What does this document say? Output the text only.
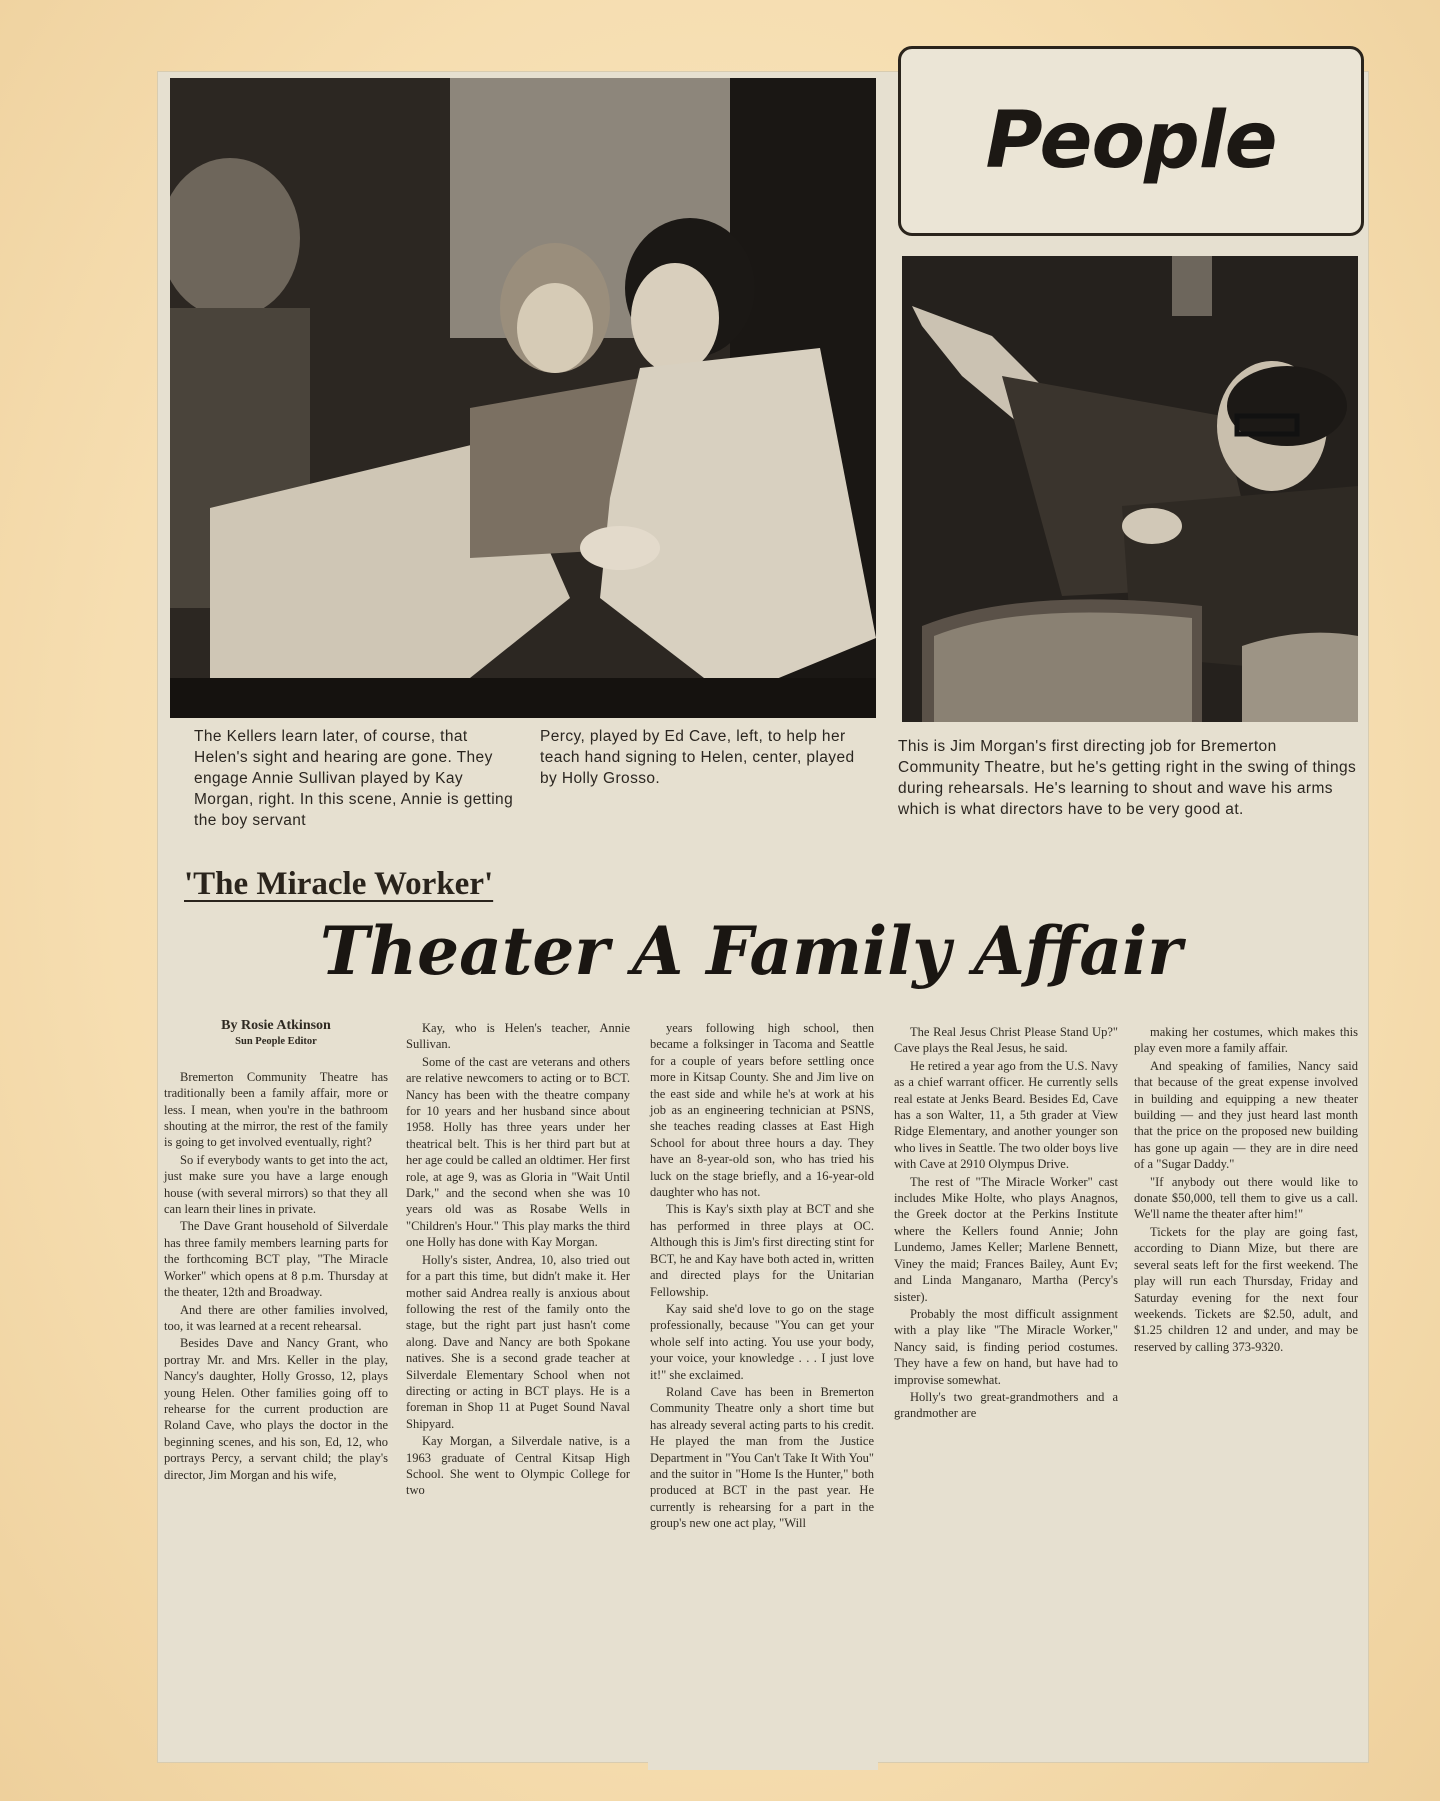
People
The Kellers learn later, of course, that Helen's sight and hearing are gone. They engage Annie Sullivan played by Kay Morgan, right. In this scene, Annie is getting the boy servant
Percy, played by Ed Cave, left, to help her teach hand signing to Helen, center, played by Holly Grosso.
This is Jim Morgan's first directing job for Bremerton Community Theatre, but he's getting right in the swing of things during rehearsals. He's learning to shout and wave his arms which is what directors have to be very good at.
'The Miracle Worker'
Theater A Family Affair
By Rosie Atkinson
Sun People Editor

Bremerton Community Theatre has traditionally been a family affair, more or less. I mean, when you're in the bathroom shouting at the mirror, the rest of the family is going to get involved eventually, right?

So if everybody wants to get into the act, just make sure you have a large enough house (with several mirrors) so that they all can learn their lines in private.

The Dave Grant household of Silverdale has three family members learning parts for the forthcoming BCT play, "The Miracle Worker" which opens at 8 p.m. Thursday at the theater, 12th and Broadway.

And there are other families involved, too, it was learned at a recent rehearsal.

Besides Dave and Nancy Grant, who portray Mr. and Mrs. Keller in the play, Nancy's daughter, Holly Grosso, 12, plays young Helen. Other families going off to rehearse for the current production are Roland Cave, who plays the doctor in the beginning scenes, and his son, Ed, 12, who portrays Percy, a servant child; the play's director, Jim Morgan and his wife,

Kay, who is Helen's teacher, Annie Sullivan.

Some of the cast are veterans and others are relative newcomers to acting or to BCT. Nancy has been with the theatre company for 10 years and her husband since about 1958. Holly has three years under her theatrical belt. This is her third part but at her age could be called an oldtimer. Her first role, at age 9, was as Gloria in "Wait Until Dark," and the second when she was 10 years old was as Rosabe Wells in "Children's Hour." This play marks the third one Holly has done with Kay Morgan.

Holly's sister, Andrea, 10, also tried out for a part this time, but didn't make it. Her mother said Andrea really is anxious about following the rest of the family onto the stage, but the right part just hasn't come along. Dave and Nancy are both Spokane natives. She is a second grade teacher at Silverdale Elementary School when not directing or acting in BCT plays. He is a foreman in Shop 11 at Puget Sound Naval Shipyard.

Kay Morgan, a Silverdale native, is a 1963 graduate of Central Kitsap High School. She went to Olympic College for two

years following high school, then became a folksinger in Tacoma and Seattle for a couple of years before settling once more in Kitsap County. She and Jim live on the east side and while he's at work at his job as an engineering technician at PSNS, she teaches reading classes at East High School for about three hours a day. They have an 8-year-old son, who has tried his luck on the stage briefly, and a 16-year-old daughter who has not.

This is Kay's sixth play at BCT and she has performed in three plays at OC. Although this is Jim's first directing stint for BCT, he and Kay have both acted in, written and directed plays for the Unitarian Fellowship.

Kay said she'd love to go on the stage professionally, because "You can get your whole self into acting. You use your body, your voice, your knowledge . . . I just love it!" she exclaimed.

Roland Cave has been in Bremerton Community Theatre only a short time but has already several acting parts to his credit. He played the man from the Justice Department in "You Can't Take It With You" and the suitor in "Home Is the Hunter," both produced at BCT in the past year. He currently is rehearsing for a part in the group's new one act play, "Will

The Real Jesus Christ Please Stand Up?" Cave plays the Real Jesus, he said.

He retired a year ago from the U.S. Navy as a chief warrant officer. He currently sells real estate at Jenks Beard. Besides Ed, Cave has a son Walter, 11, a 5th grader at View Ridge Elementary, and another younger son who lives in Seattle. The two older boys live with Cave at 2910 Olympus Drive.

The rest of "The Miracle Worker" cast includes Mike Holte, who plays Anagnos, the Greek doctor at the Perkins Institute where the Kellers found Annie; John Lundemo, James Keller; Marlene Bennett, Viney the maid; Frances Bailey, Aunt Ev; and Linda Manganaro, Martha (Percy's sister).

Probably the most difficult assignment with a play like "The Miracle Worker," Nancy said, is finding period costumes. They have a few on hand, but have had to improvise somewhat.

Holly's two great-grandmothers and a grandmother are

making her costumes, which makes this play even more a family affair.

And speaking of families, Nancy said that because of the great expense involved in building and equipping a new theater building — and they just heard last month that the price on the proposed new building has gone up again — they are in dire need of a "Sugar Daddy."

"If anybody out there would like to donate $50,000, tell them to give us a call. We'll name the theater after him!"

Tickets for the play are going fast, according to Diann Mize, but there are several seats left for the first weekend. The play will run each Thursday, Friday and Saturday evening for the next four weekends. Tickets are $2.50, adult, and $1.25 children 12 and under, and may be reserved by calling 373-9320.
